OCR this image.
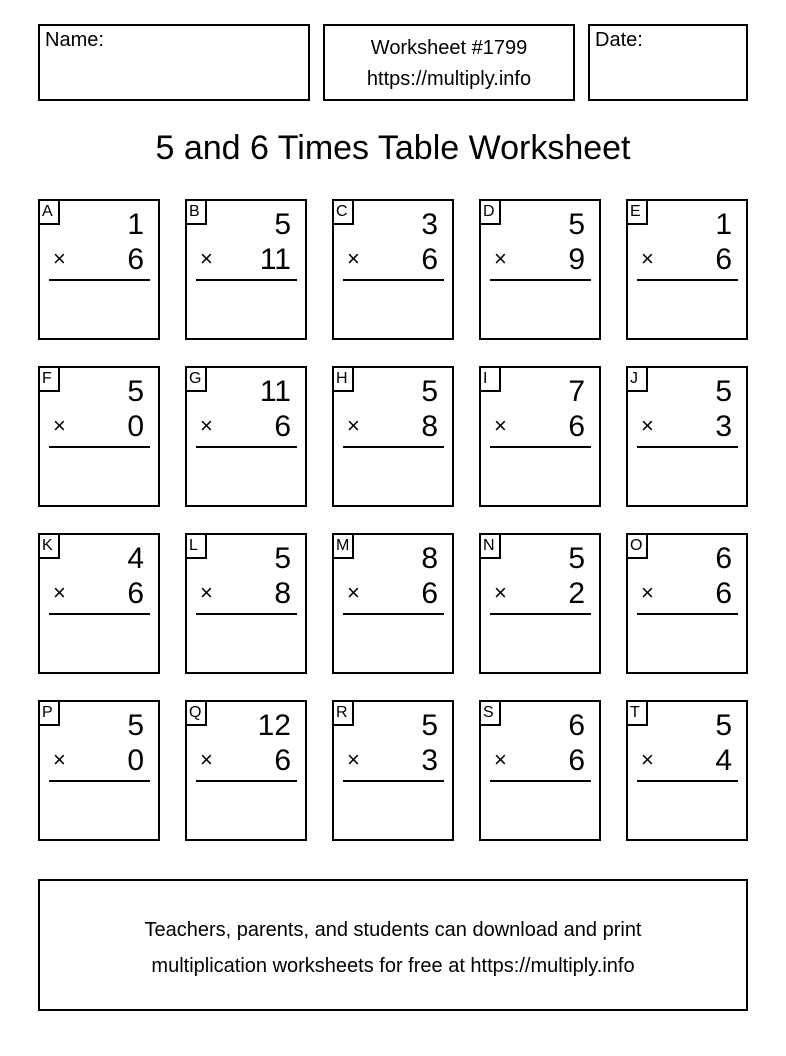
Name:	Worksheet #1799
https://multiply.info
Date:
5 and 6 Times Table Worksheet
A 1
× 6
B 5
× 11
C 3
× 6
D 5
× 9
E 1
× 6
F	5
× 0
G 11
× 6
H 5
× 8
I	7
× 6
J	5
× 3
K 4
× 6
L	5
× 8
M 8
× 6
N 5
× 2
O 6
× 6
P 5
× 0
Q 12
× 6
R 5
× 3
S 6
× 6
T	5
× 4
Teachers, parents, and students can download and print
multiplication worksheets for free at https://multiply.info
